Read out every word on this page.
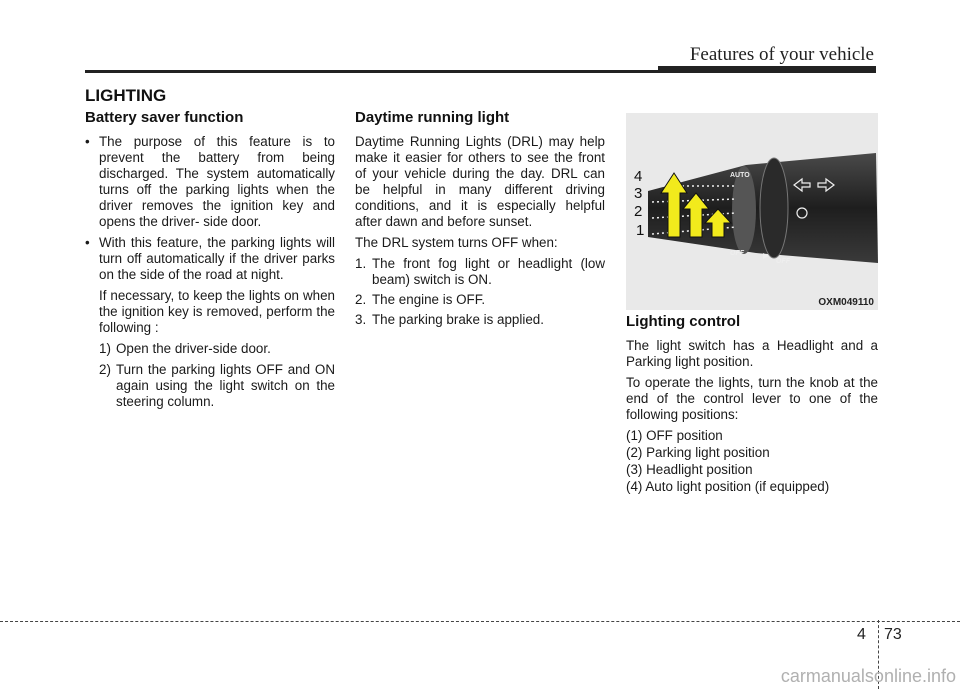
Features of your vehicle
LIGHTING
Battery saver function
• The purpose of this feature is to prevent the battery from being discharged. The system automatically turns off the parking lights when the driver removes the ignition key and opens the driver- side door.
• With this feature, the parking lights will turn off automatically if the driver parks on the side of the road at night.
If necessary, to keep the lights on when the ignition key is removed, perform the following :
1) Open the driver-side door.
2) Turn the parking lights OFF and ON again using the light switch on the steering column.
Daytime running light

Daytime Running Lights (DRL) may help make it easier for others to see the front of your vehicle during the day. DRL can be helpful in many different driving conditions, and it is especially helpful after dawn and before sunset.

The DRL system turns OFF when:

1. The front fog light or headlight (low beam) switch is ON.
2. The engine is OFF.
3. The parking brake is applied.
AUTO
OFF
OFF
4
3
2
1
OXM049110
Lighting control

The light switch has a Headlight and a Parking light position.

To operate the lights, turn the knob at the end of the control lever to one of the following positions:

(1) OFF position
(2) Parking light position
(3) Headlight position
(4) Auto light position (if equipped)
4 73
carmanualsonline.info
